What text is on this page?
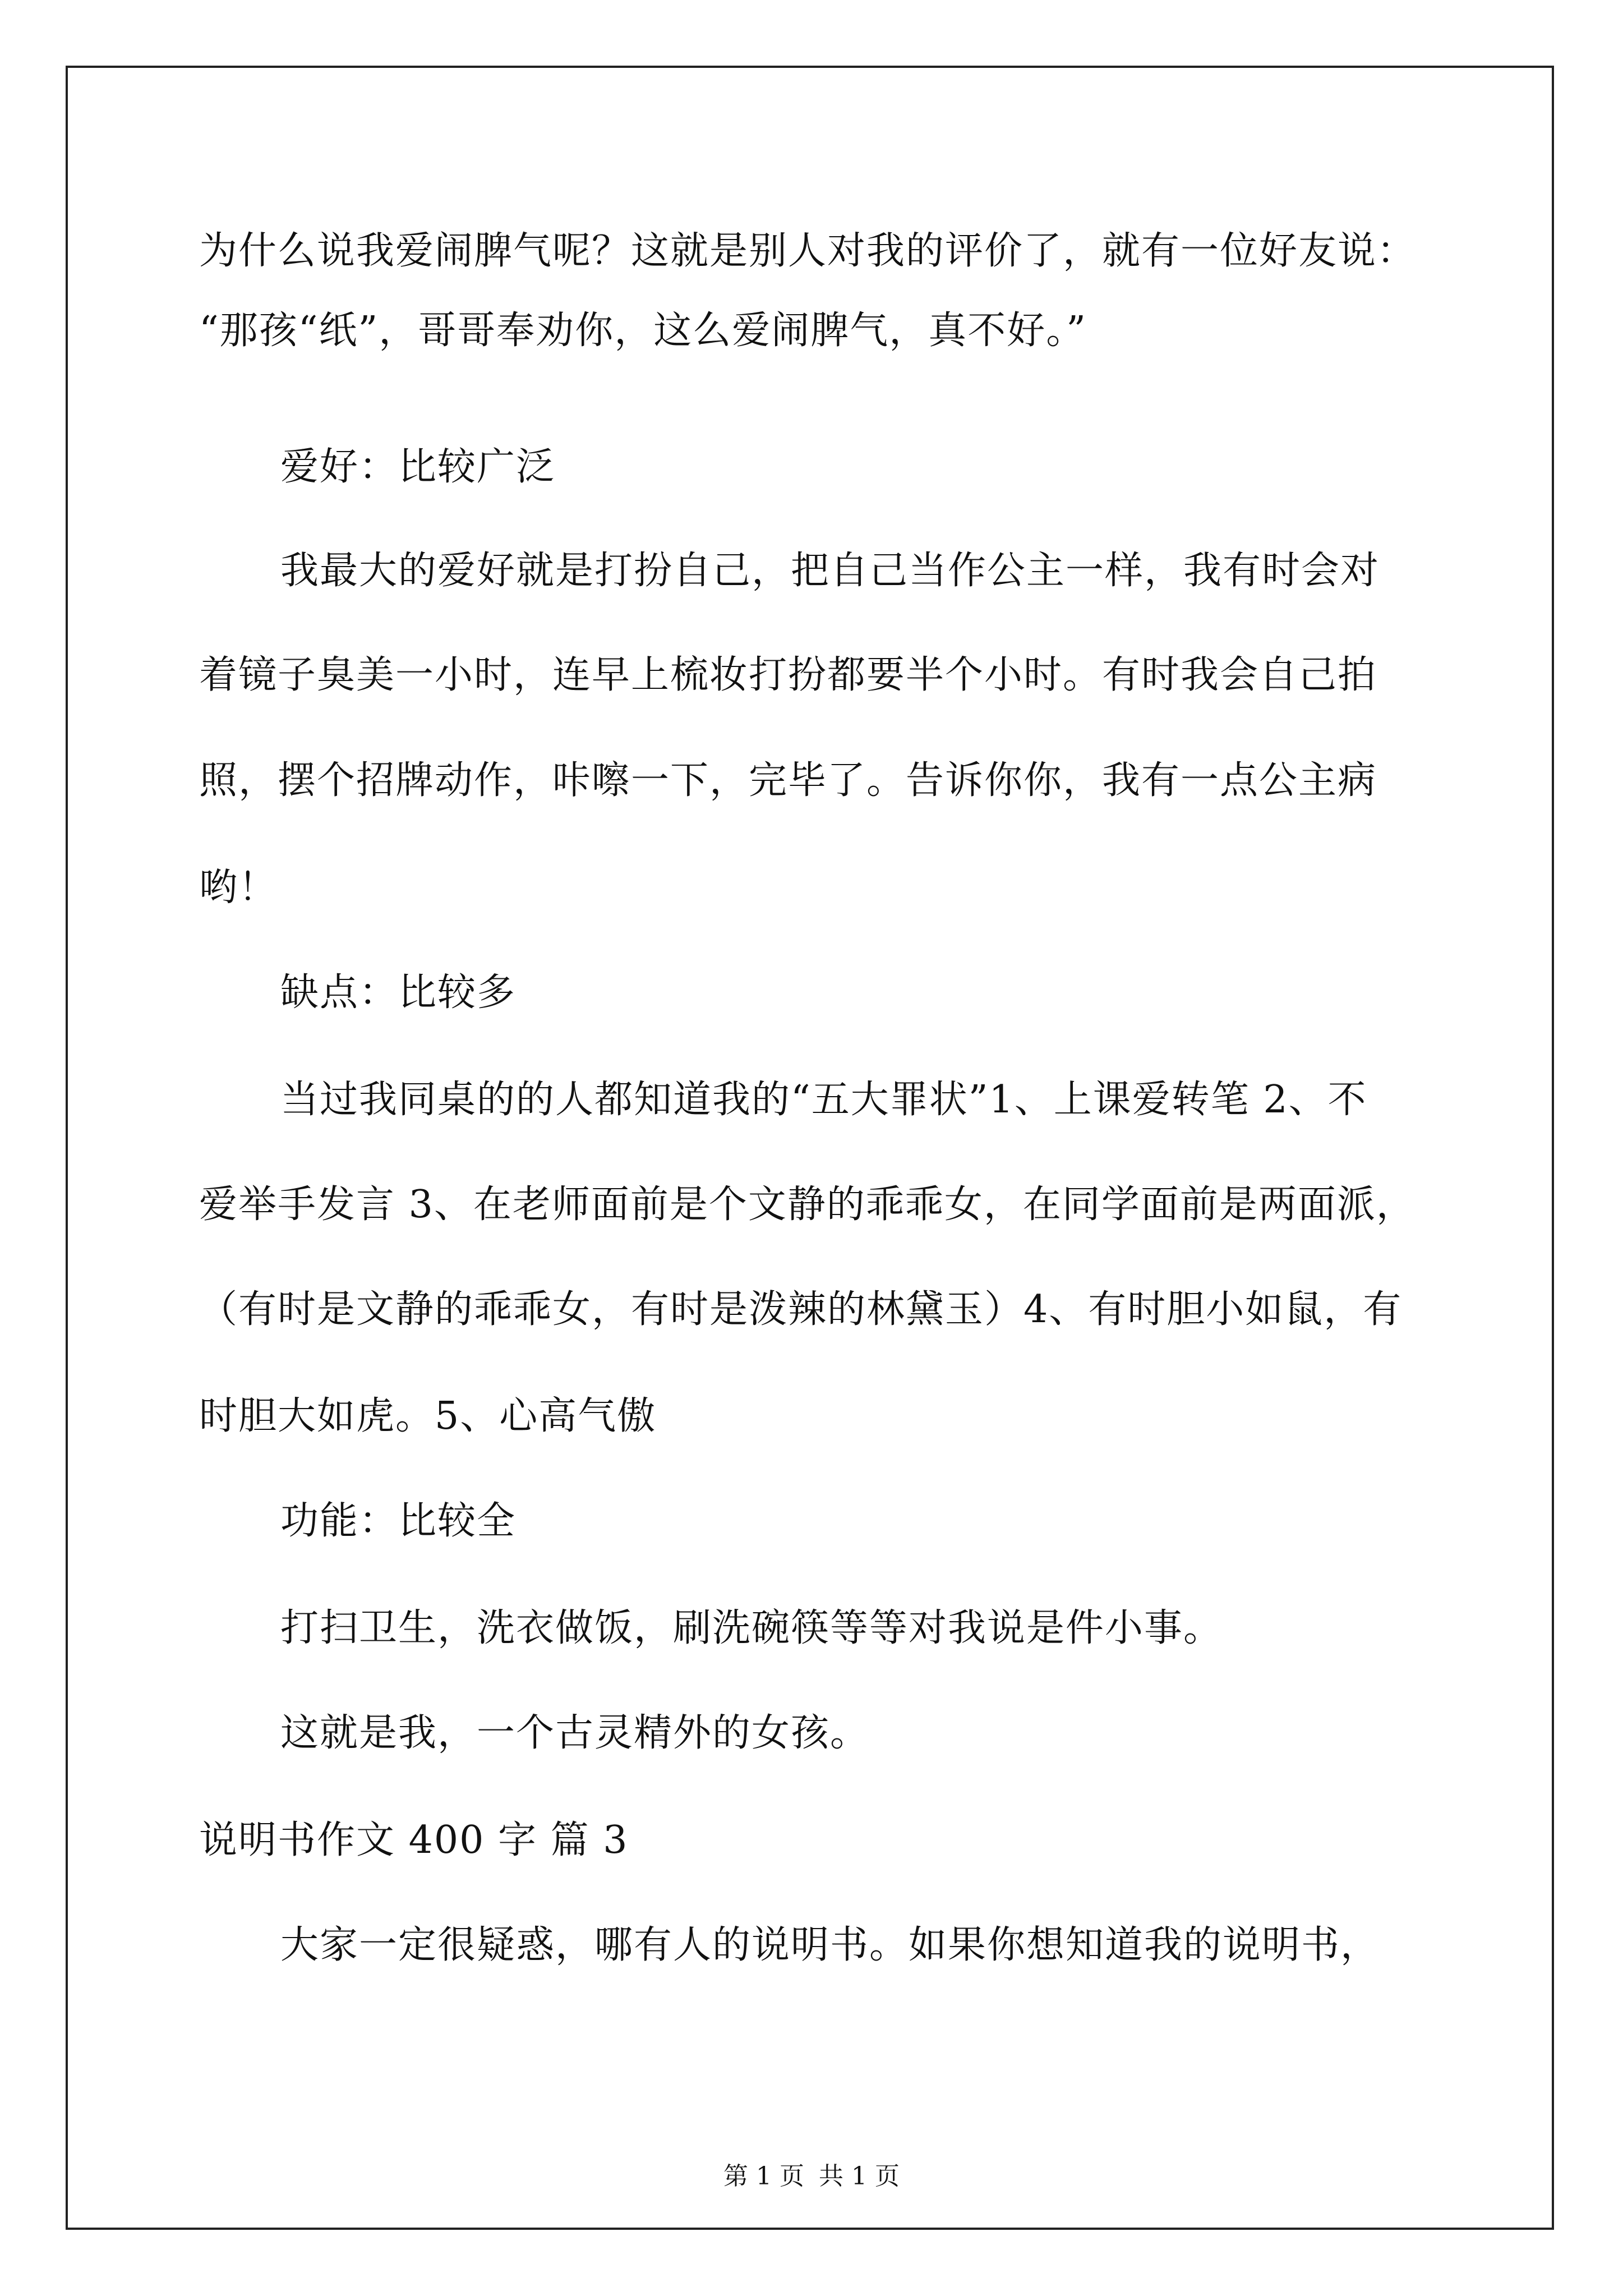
为什么说我爱闹脾气呢？这就是别人对我的评价了，就有一位好友说：
“那孩“纸”，哥哥奉劝你，这么爱闹脾气，真不好。”
爱好：比较广泛
我最大的爱好就是打扮自己，把自己当作公主一样，我有时会对
着镜子臭美一小时，连早上梳妆打扮都要半个小时。有时我会自己拍
照，摆个招牌动作，咔嚓一下，完毕了。告诉你你，我有一点公主病
哟！
缺点：比较多
当过我同桌的的人都知道我的“五大罪状”1、上课爱转笔 2、不
爱举手发言 3、在老师面前是个文静的乖乖女，在同学面前是两面派，
（有时是文静的乖乖女，有时是泼辣的林黛玉）4、有时胆小如鼠，有
时胆大如虎。5、心高气傲
功能：比较全
打扫卫生，洗衣做饭，刷洗碗筷等等对我说是件小事。
这就是我，一个古灵精外的女孩。
说明书作文 400 字 篇 3
大家一定很疑惑，哪有人的说明书。如果你想知道我的说明书，
第 1 页 共 1 页
